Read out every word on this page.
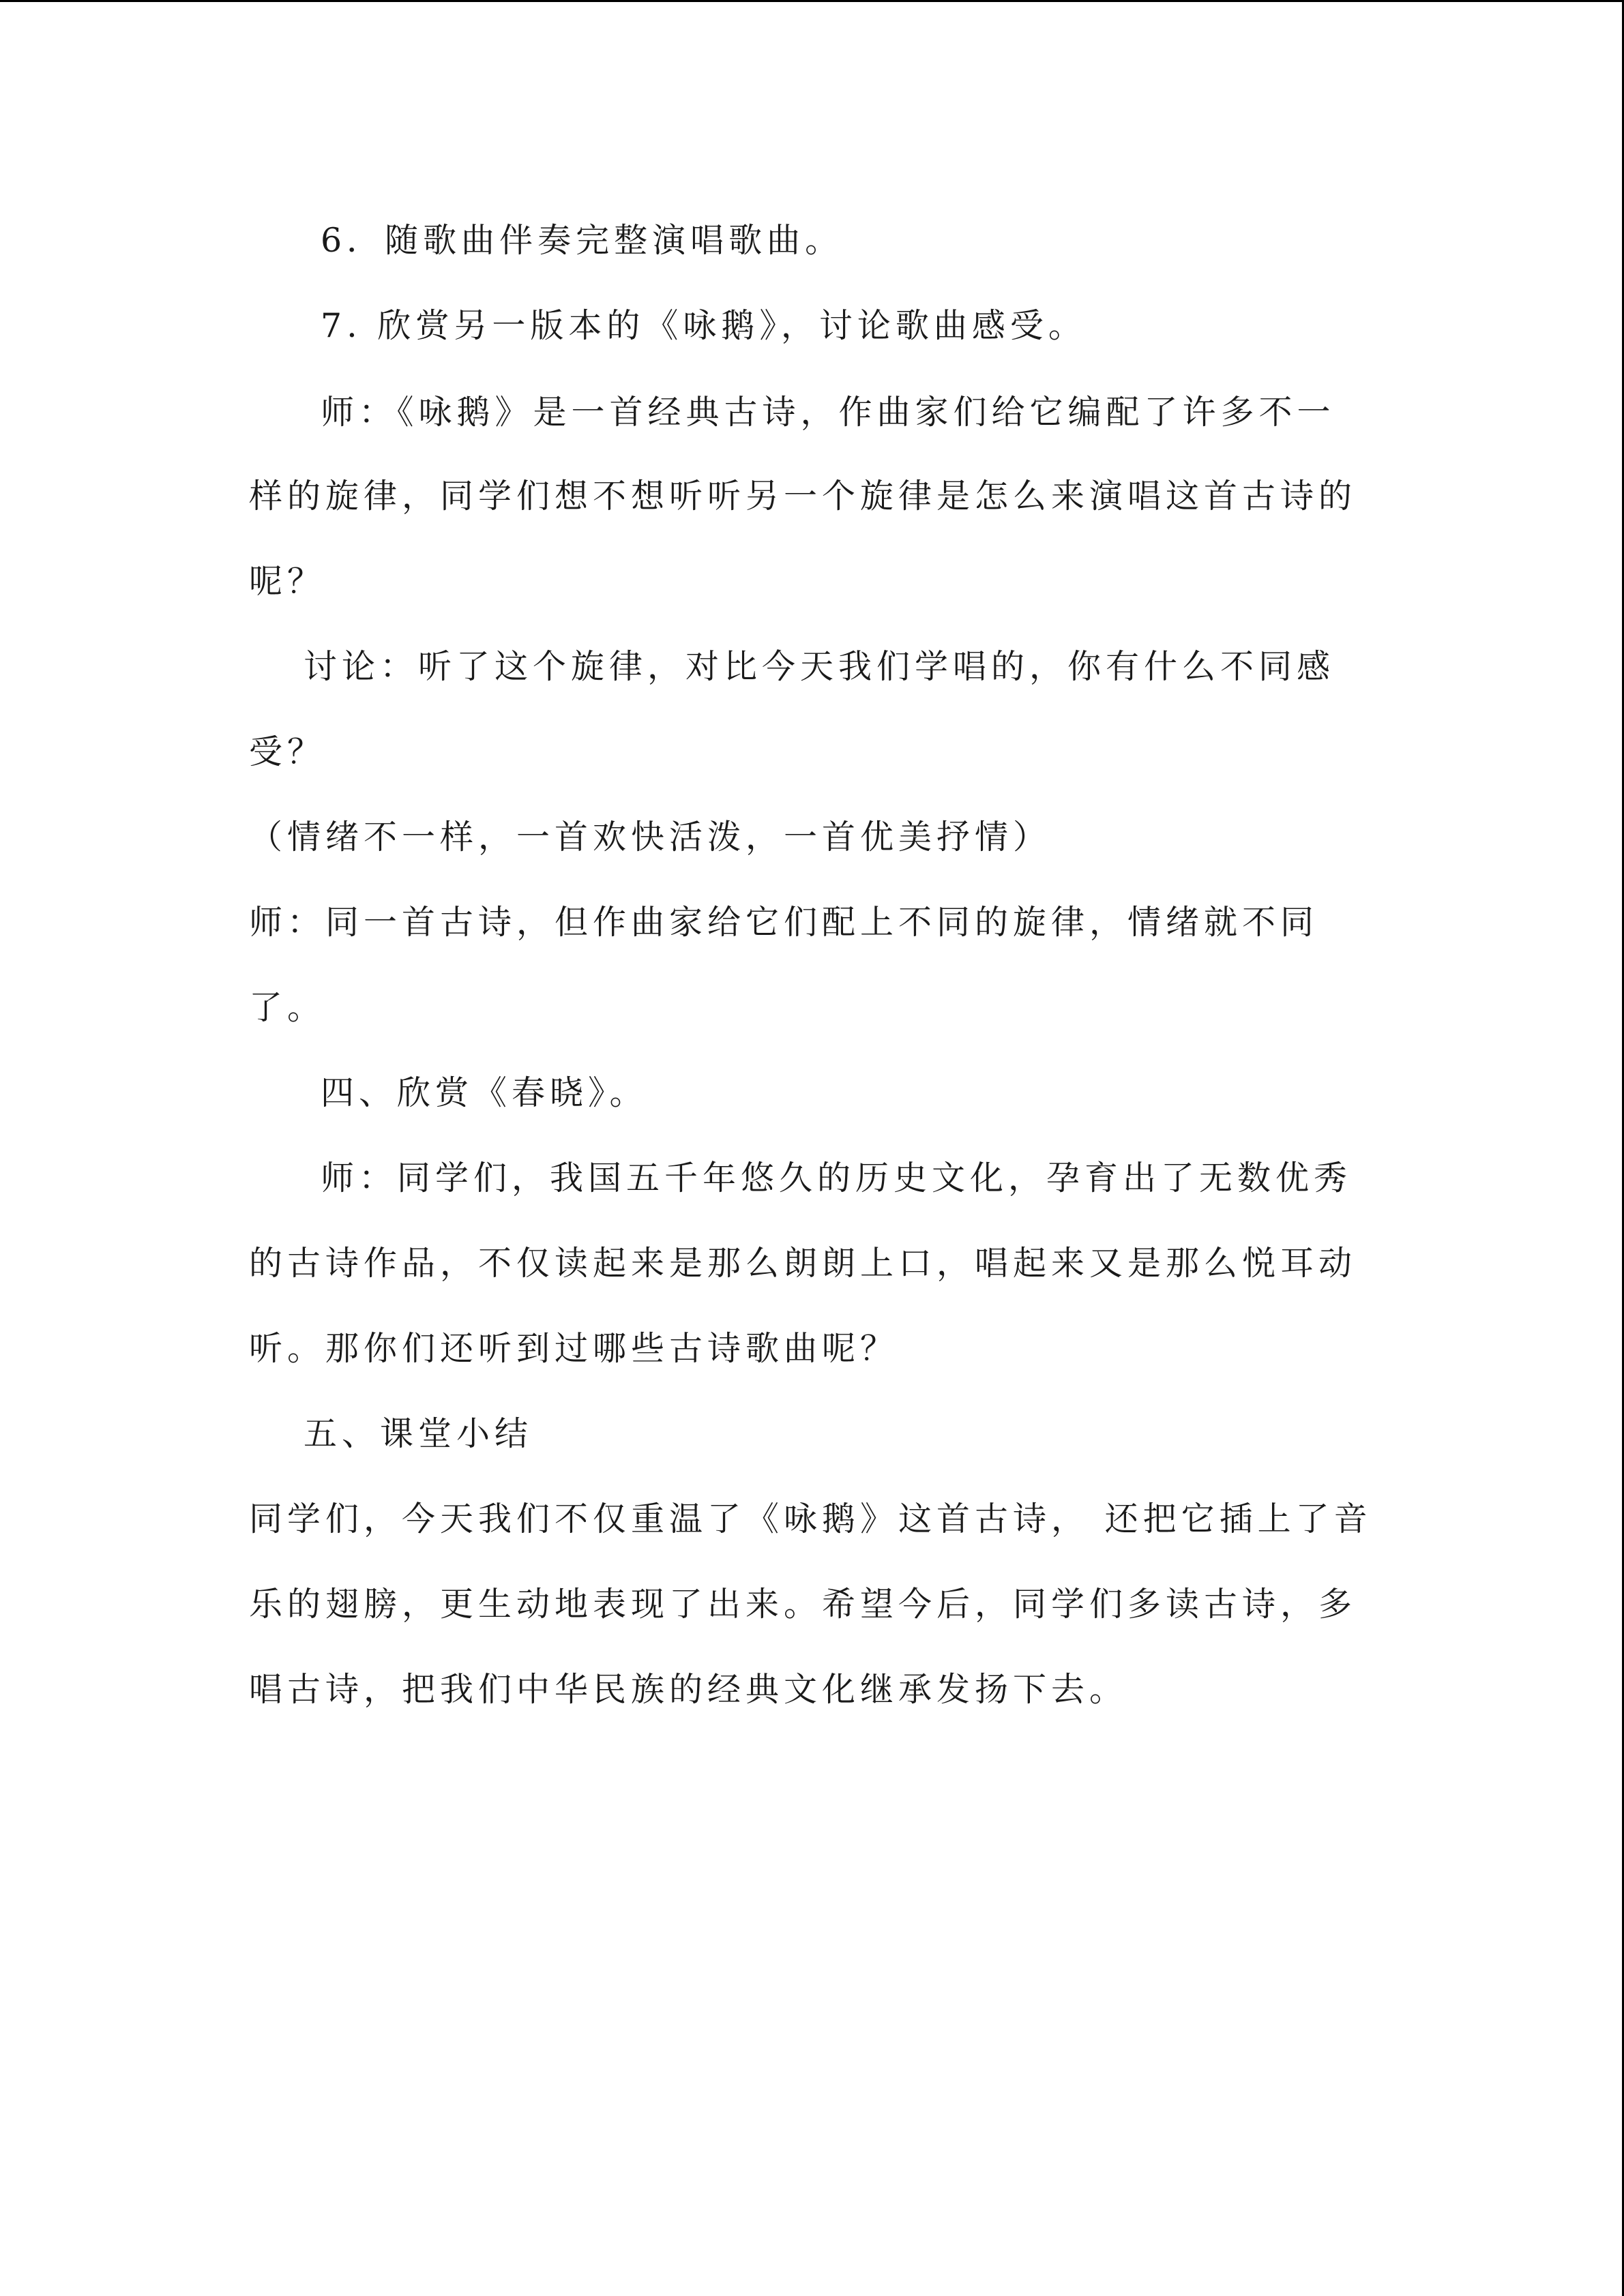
6．随歌曲伴奏完整演唱歌曲。
7. 欣赏另一版本的《咏鹅》，讨论歌曲感受。
师：《咏鹅》是一首经典古诗，作曲家们给它编配了许多不一
样的旋律，同学们想不想听听另一个旋律是怎么来演唱这首古诗的
呢？
讨论：听了这个旋律，对比今天我们学唱的，你有什么不同感
受？
（情绪不一样，一首欢快活泼，一首优美抒情）
师：同一首古诗，但作曲家给它们配上不同的旋律，情绪就不同
了。
四、欣赏《春晓》。
师：同学们，我国五千年悠久的历史文化，孕育出了无数优秀
的古诗作品，不仅读起来是那么朗朗上口，唱起来又是那么悦耳动
听。那你们还听到过哪些古诗歌曲呢？
五、课堂小结
同学们，今天我们不仅重温了《咏鹅》这首古诗， 还把它插上了音
乐的翅膀，更生动地表现了出来。希望今后，同学们多读古诗，多
唱古诗，把我们中华民族的经典文化继承发扬下去。
